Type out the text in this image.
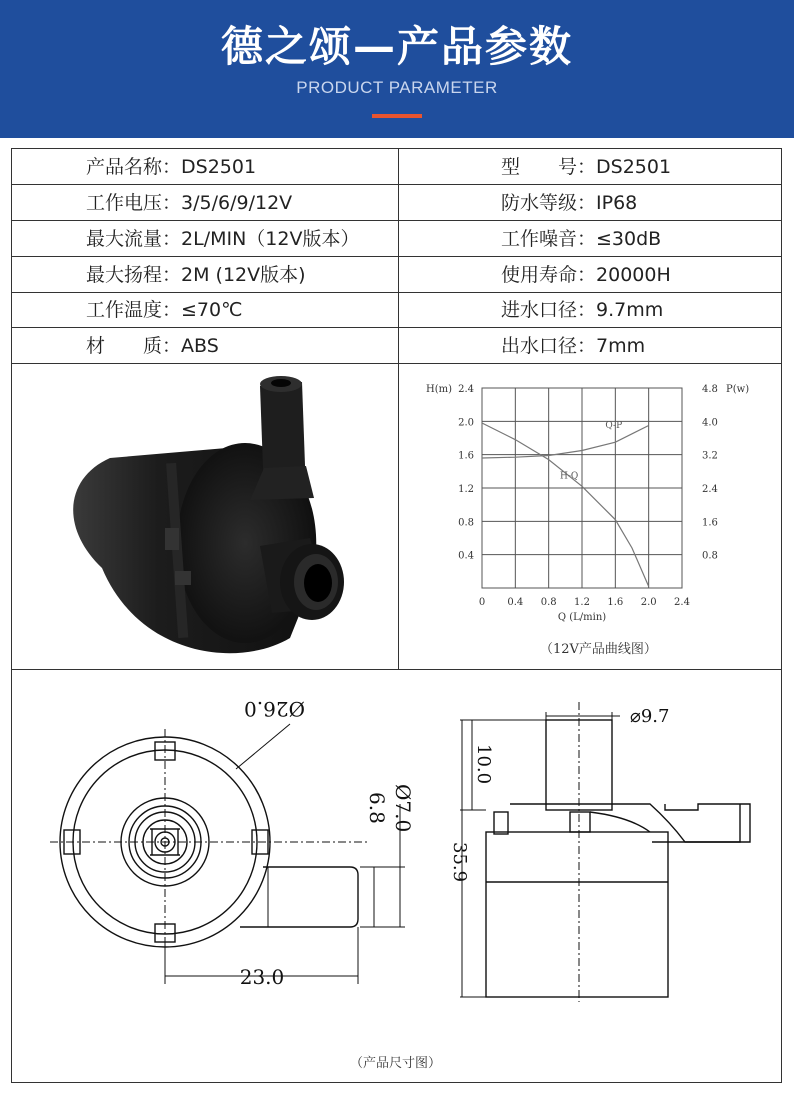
德之颂—产品参数
PRODUCT PARAMETER
产品名称：DS2501
工作电压：3/5/6/9/12V
最大流量：2L/MIN（12V版本）
最大扬程：2M (12V版本)
工作温度：≤70℃
材　　质：ABS
型　　号：DS2501
防水等级：IP68
工作噪音：≤30dB
使用寿命：20000H
进水口径：9.7mm
出水口径：7mm
0 0.4 0.8 1.2 1.6 2.0 2.4
0.4
0.8
1.2
1.6
2.0
2.4
0.8
1.6
2.4
3.2
4.0
4.8
H(m)	P(w)
Q (L/min)
H-Q
Q-P
（12V产品曲线图）
23.0
6.8 Ø7.0
Ø26.0	⌀9.7
10.0
35.9
（产品尺寸图）
